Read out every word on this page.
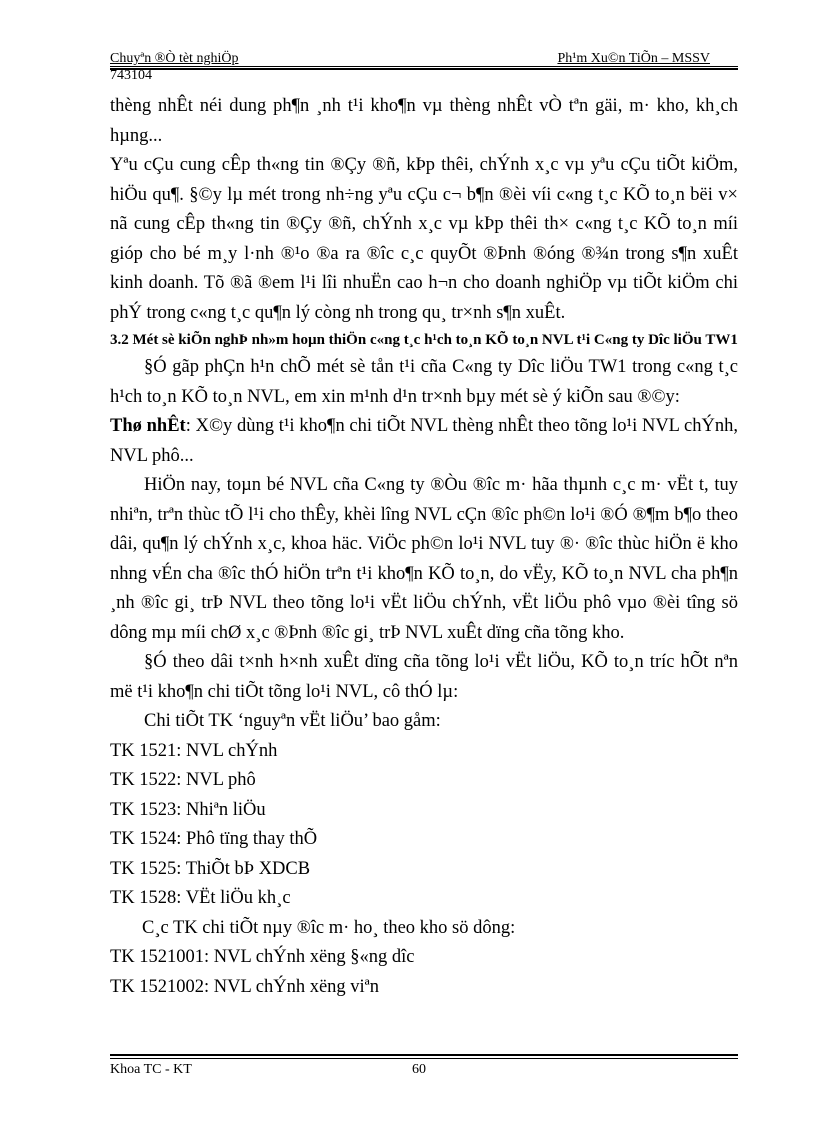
Chuyªn ®Ò tèt nghiÖp	Ph¹m Xu©n TiÕn – MSSV
743104

thèng nhÊt néi dung ph¶n ¸nh t¹i kho¶n vµ thèng nhÊt vÒ tªn gäi, m· kho, kh¸ch hµng...

Yªu cÇu cung cÊp th«ng tin ®Çy ®ñ, kÞp thêi, chÝnh x¸c vµ yªu cÇu tiÕt kiÖm, hiÖu qu¶. §©y lµ mét trong nh÷ng yªu cÇu c¬ b¶n ®èi víi c«ng t¸c KÕ to¸n bëi v× nã cung cÊp th«ng tin ®Çy ®ñ, chÝnh x¸c vµ kÞp thêi th× c«ng t¸c KÕ to¸n míi gióp cho bé m¸y l·nh ®¹o ®a ra ®îc c¸c quyÕt ®Þnh ®óng ®¾n trong s¶n xuÊt kinh doanh. Tõ ®ã ®em l¹i lîi nhuËn cao h¬n cho doanh nghiÖp vµ tiÕt kiÖm chi phÝ trong c«ng t¸c qu¶n lý còng nh trong qu¸ tr×nh s¶n xuÊt.

3.2 Mét sè kiÕn nghÞ nh»m hoµn thiÖn c«ng t¸c h¹ch to¸n KÕ to¸n NVL t¹i C«ng ty Dîc liÖu TW1

§Ó gãp phÇn h¹n chÕ mét sè tån t¹i cña C«ng ty Dîc liÖu TW1 trong c«ng t¸c h¹ch to¸n KÕ to¸n NVL, em xin m¹nh d¹n tr×nh bµy mét sè ý kiÕn sau ®©y:

Thø nhÊt: X©y dùng t¹i kho¶n chi tiÕt NVL thèng nhÊt theo tõng lo¹i NVL chÝnh, NVL phô...

HiÖn nay, toµn bé NVL cña C«ng ty ®Òu ®îc m· hãa thµnh c¸c m· vËt t, tuy nhiªn, trªn thùc tÕ l¹i cho thÊy, khèi lîng NVL cÇn ®îc ph©n lo¹i ®Ó ®¶m b¶o theo dâi, qu¶n lý chÝnh x¸c, khoa häc. ViÖc ph©n lo¹i NVL tuy ®· ®îc thùc hiÖn ë kho nhng vÉn cha ®îc thÓ hiÖn trªn t¹i kho¶n KÕ to¸n, do vËy, KÕ to¸n NVL cha ph¶n ¸nh ®îc gi¸ trÞ NVL theo tõng lo¹i vËt liÖu chÝnh, vËt liÖu phô vµo ®èi tîng sö dông mµ míi chØ x¸c ®Þnh ®îc gi¸ trÞ NVL xuÊt dïng cña tõng kho.

§Ó theo dâi t×nh h×nh xuÊt dïng cña tõng lo¹i vËt liÖu, KÕ to¸n tríc hÕt nªn më t¹i kho¶n chi tiÕt tõng lo¹i NVL, cô thÓ lµ:

Chi tiÕt TK ‘nguyªn vËt liÖu’ bao gåm:

TK 1521: NVL chÝnh

TK 1522: NVL phô

TK 1523: Nhiªn liÖu

TK 1524: Phô tïng thay thÕ

TK 1525: ThiÕt bÞ XDCB

TK 1528: VËt liÖu kh¸c

C¸c TK chi tiÕt nµy ®îc m· ho¸ theo kho sö dông:

TK 1521001: NVL chÝnh xëng §«ng dîc

TK 1521002: NVL chÝnh xëng viªn

Khoa TC - KT	60
